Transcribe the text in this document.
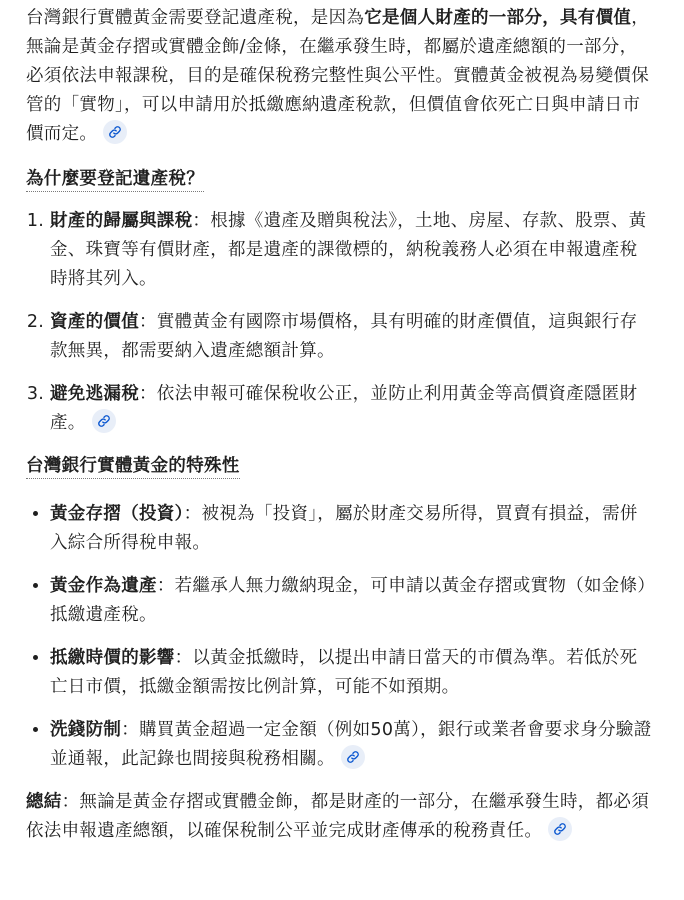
台灣銀行實體黃金需要登記遺產稅，是因為它是個人財產的一部分，具有價值，無論是黃金存摺或實體金飾/金條，在繼承發生時，都屬於遺產總額的一部分，必須依法申報課稅，目的是確保稅務完整性與公平性。實體黃金被視為易變價保管的「實物」，可以申請用於抵繳應納遺產稅款，但價值會依死亡日與申請日市價而定。

為什麼要登記遺產稅？
1. 財產的歸屬與課稅：根據《遺產及贈與稅法》，土地、房屋、存款、股票、黃金、珠寶等有價財產，都是遺產的課徵標的，納稅義務人必須在申報遺產稅時將其列入。
2. 資產的價值：實體黃金有國際市場價格，具有明確的財產價值，這與銀行存款無異，都需要納入遺產總額計算。
3. 避免逃漏稅：依法申報可確保稅收公正，並防止利用黃金等高價資產隱匿財產。
台灣銀行實體黃金的特殊性
• 黃金存摺（投資）：被視為「投資」，屬於財產交易所得，買賣有損益，需併入綜合所得稅申報。
• 黃金作為遺產：若繼承人無力繳納現金，可申請以黃金存摺或實物（如金條）抵繳遺產稅。
• 抵繳時價的影響：以黃金抵繳時，以提出申請日當天的市價為準。若低於死亡日市價，抵繳金額需按比例計算，可能不如預期。
• 洗錢防制：購買黃金超過一定金額（例如50萬），銀行或業者會要求身分驗證並通報，此記錄也間接與稅務相關。

總結：無論是黃金存摺或實體金飾，都是財產的一部分，在繼承發生時，都必須依法申報遺產總額，以確保稅制公平並完成財產傳承的稅務責任。
